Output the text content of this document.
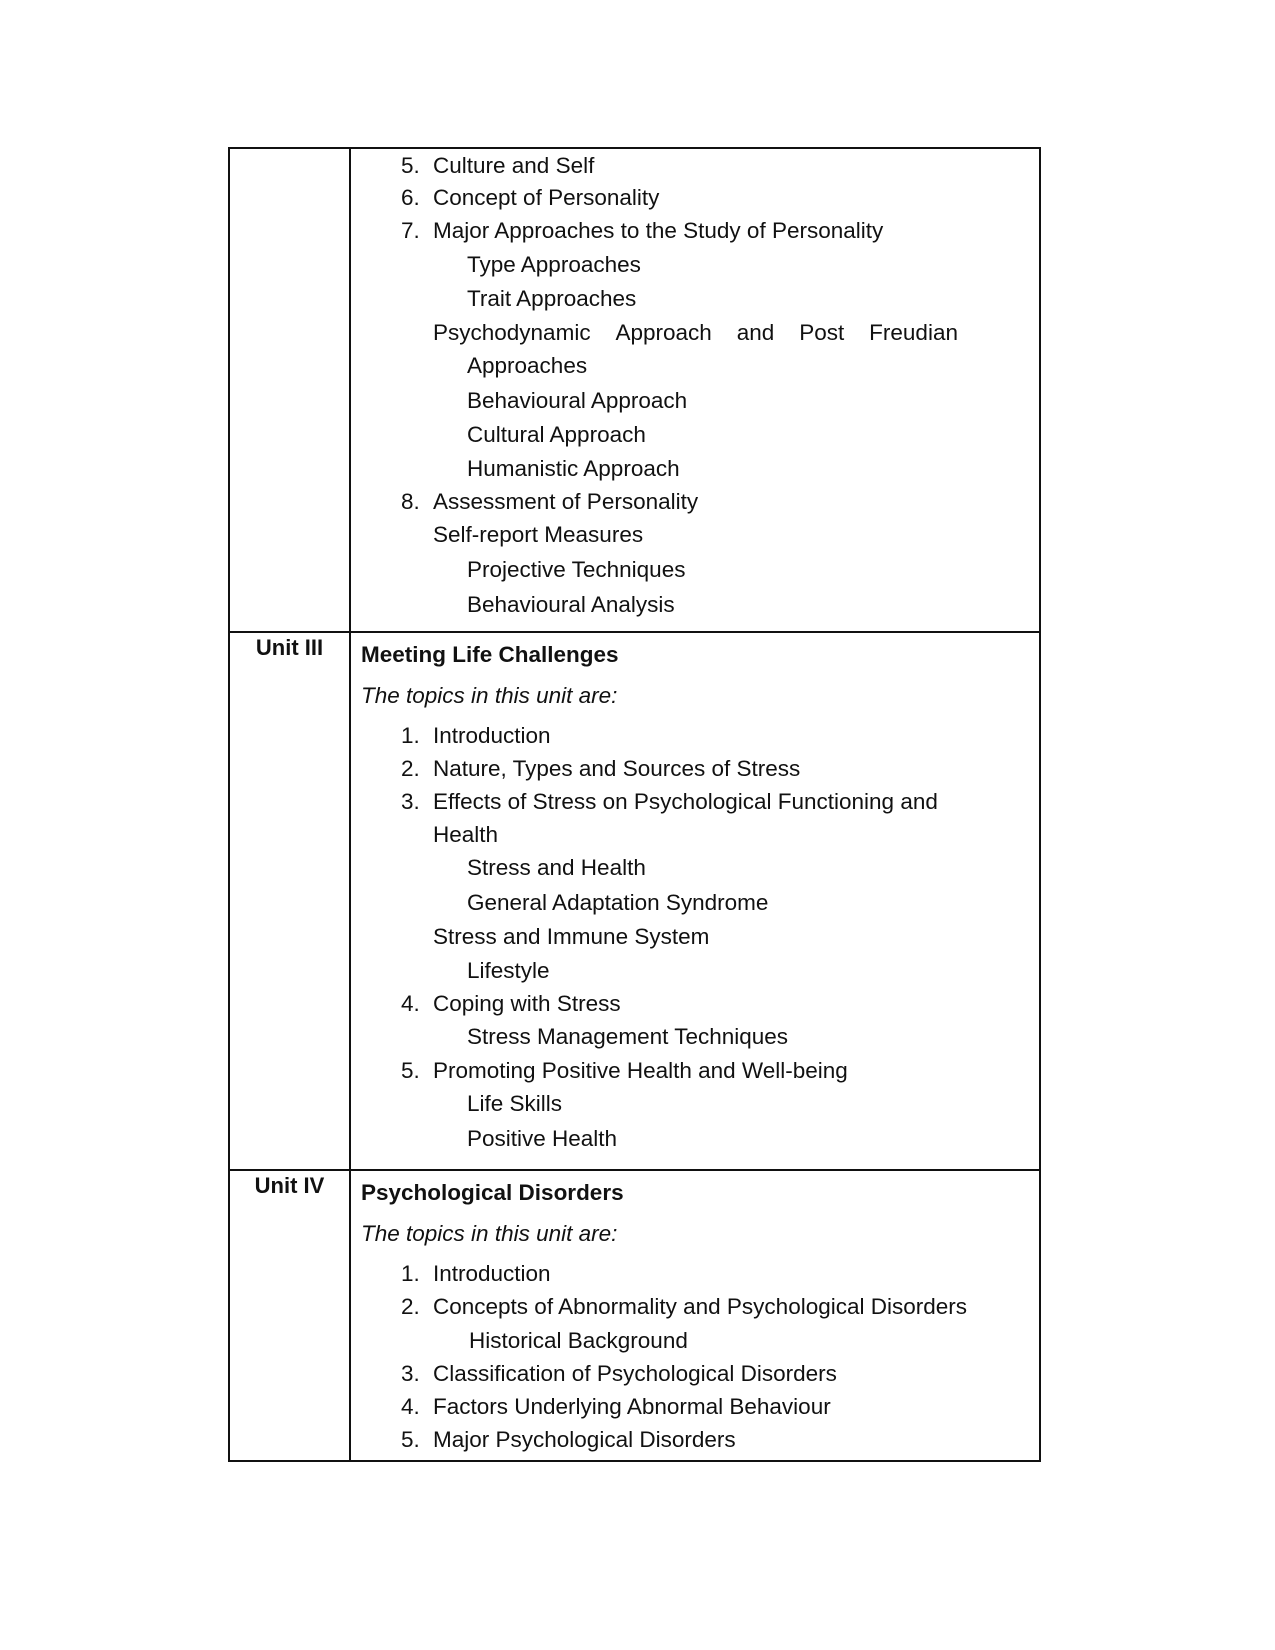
5. Culture and Self
6. Concept of Personality
7. Major Approaches to the Study of Personality
Type Approaches
Trait Approaches
Psychodynamic Approach and Post Freudian
Approaches
Behavioural Approach
Cultural Approach
Humanistic Approach
8. Assessment of Personality
Self-report Measures
Projective Techniques
Behavioural Analysis
Unit III	Meeting Life Challenges
The topics in this unit are:
1. Introduction
2. Nature, Types and Sources of Stress
3. Effects of Stress on Psychological Functioning and
Health
Stress and Health
General Adaptation Syndrome
Stress and Immune System
Lifestyle
4. Coping with Stress
Stress Management Techniques
5. Promoting Positive Health and Well-being
Life Skills
Positive Health
Unit IV	Psychological Disorders
The topics in this unit are:
1. Introduction
2. Concepts of Abnormality and Psychological Disorders
Historical Background
3. Classification of Psychological Disorders
4. Factors Underlying Abnormal Behaviour
5. Major Psychological Disorders
